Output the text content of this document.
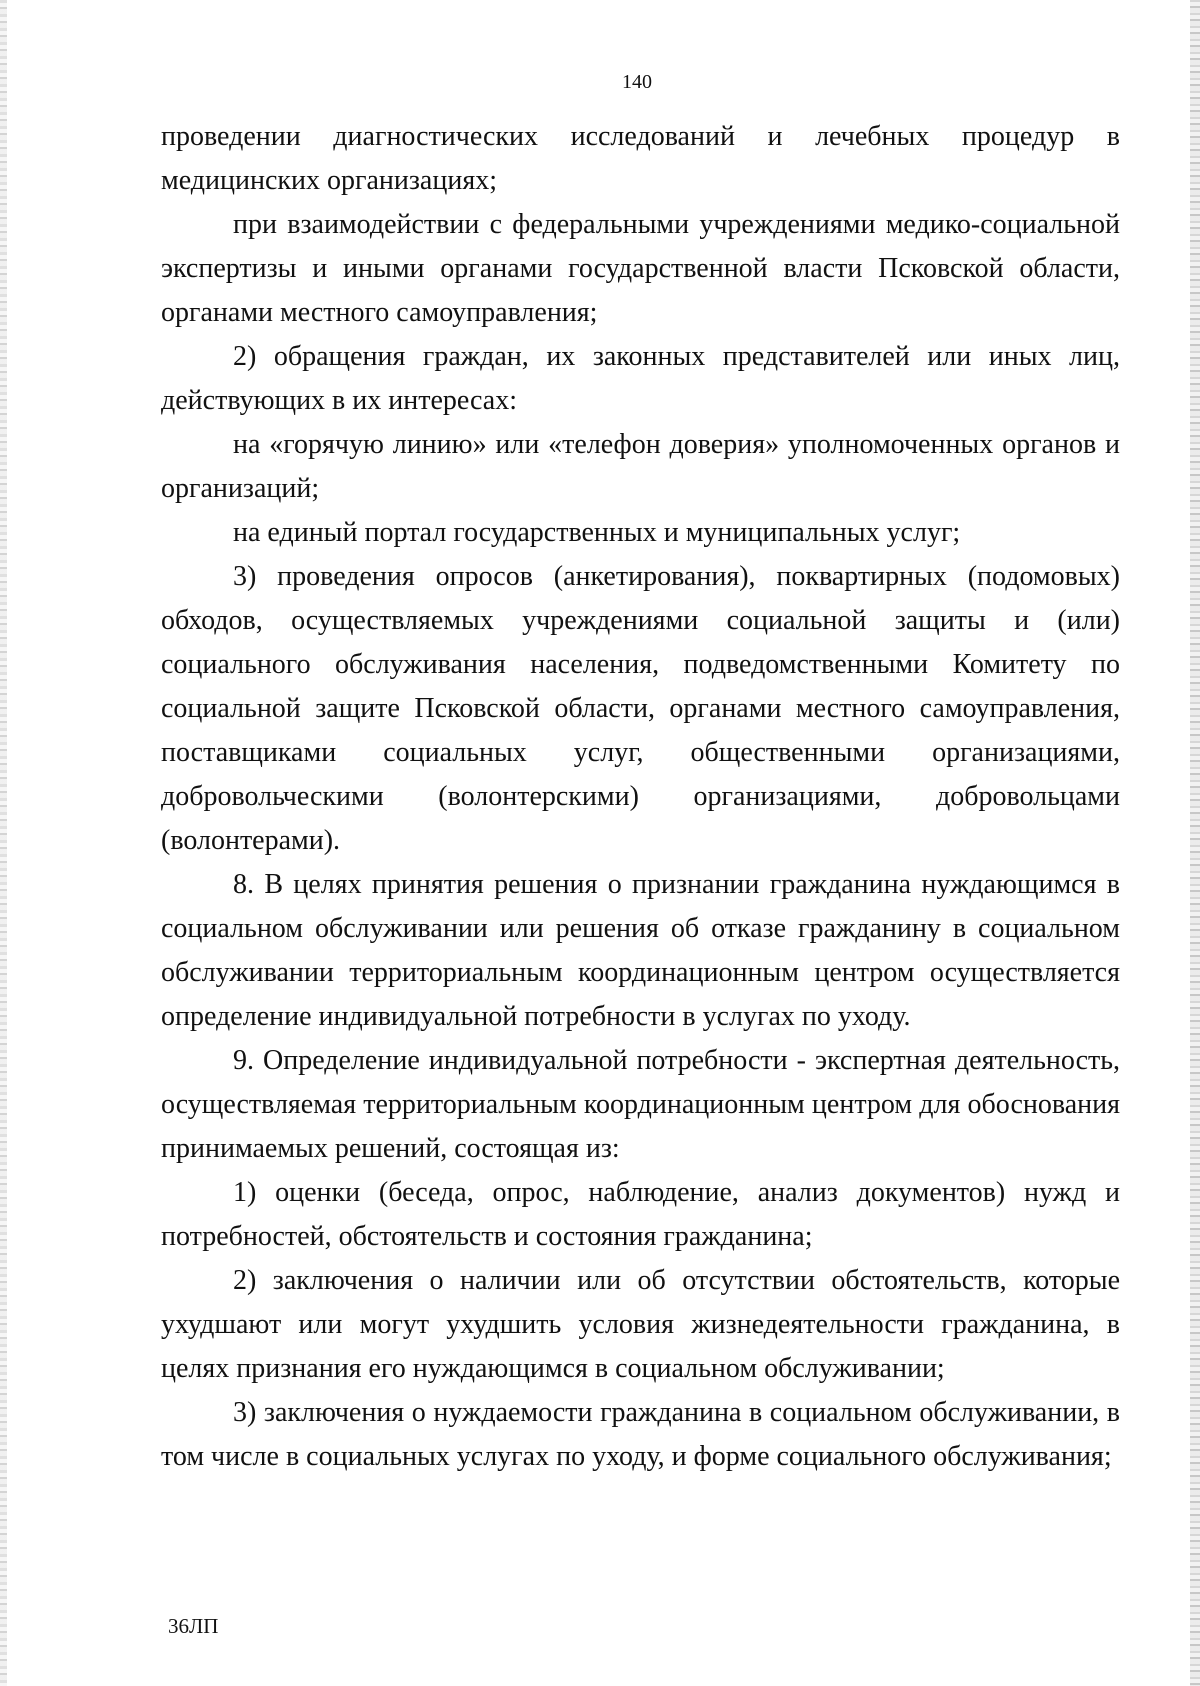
140

проведении диагностических исследований и лечебных процедур в медицинских организациях;

при взаимодействии с федеральными учреждениями медико-социальной экспертизы и иными органами государственной власти Псковской области, органами местного самоуправления;

2) обращения граждан, их законных представителей или иных лиц, действующих в их интересах:

на «горячую линию» или «телефон доверия» уполномоченных органов и организаций;

на единый портал государственных и муниципальных услуг;

3) проведения опросов (анкетирования), поквартирных (подомовых) обходов, осуществляемых учреждениями социальной защиты и (или) социального обслуживания населения, подведомственными Комитету по социальной защите Псковской области, органами местного самоуправления, поставщиками социальных услуг, общественными организациями, добровольческими (волонтерскими) организациями, добровольцами (волонтерами).

8. В целях принятия решения о признании гражданина нуждающимся в социальном обслуживании или решения об отказе гражданину в социальном обслуживании территориальным координационным центром осуществляется определение индивидуальной потребности в услугах по уходу.

9. Определение индивидуальной потребности - экспертная деятельность, осуществляемая территориальным координационным центром для обоснования принимаемых решений, состоящая из:

1) оценки (беседа, опрос, наблюдение, анализ документов) нужд и потребностей, обстоятельств и состояния гражданина;

2) заключения о наличии или об отсутствии обстоятельств, которые ухудшают или могут ухудшить условия жизнедеятельности гражданина, в целях признания его нуждающимся в социальном обслуживании;

3) заключения о нуждаемости гражданина в социальном обслуживании, в том числе в социальных услугах по уходу, и форме социального обслуживания;

36ЛП
